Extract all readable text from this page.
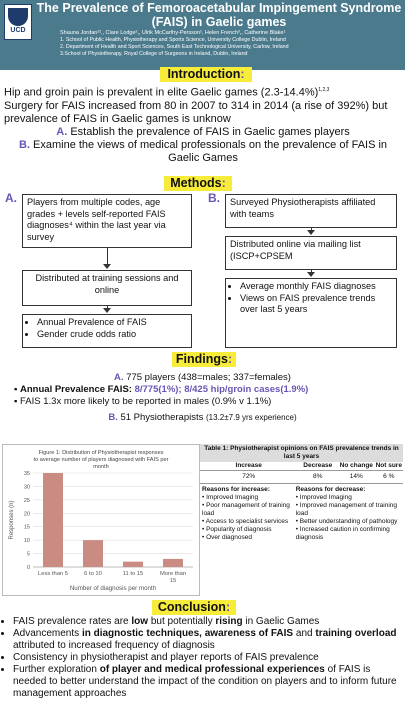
UCD
The Prevalence of Femoroacetabular Impingement Syndrome (FAIS) in Gaelic games
Shauna Jordan¹²,, Clare Lodge²,, Ulrik McCarthy-Persson¹, Helen French³,, Catherine Blake¹
1. School of Public Health, Physiotherapy and Sports Science, University College Dublin, Ireland
2. Department of Health and Sport Sciences, South East Technological University, Carlow, Ireland
3.School of Physiotherapy, Royal College of Surgeons in Ireland, Dublin, Ireland
Introduction:
Hip and groin pain is prevalent in elite Gaelic games $(2.3-14.4\%)^{1,2,3}$
Surgery for FAIS increased from 80 in 2007 to 314 in 2014 (a rise of 392%) but prevalence of FAIS in Gaelic games is unknow
A. Establish the prevalence of FAIS in Gaelic games players
B. Examine the views of medical professionals on the prevalence of FAIS in Gaelic Games
Methods:
A.	B.
Players from multiple codes, age grades + levels self-reported FAIS diagnoses⁴ within the last year via survey
Distributed at training sessions and online
• Annual Prevalence of FAIS
• Gender crude odds ratio
Surveyed Physiotherapists affiliated with teams
Distributed online via mailing list (ISCP+CPSEM
• Average monthly FAIS diagnoses
• Views on FAIS prevalence trends over last 5 years
Findings:
A. 775 players (438=males; 337=females)
▪ Annual Prevalence FAIS: 8/775(1%); 8/425 hip/groin cases(1.9%)
▪ FAIS 1.3x more likely to be reported in males (0.9% v 1.1%)
B. 51 Physiotherapists (13.2±7.9 yrs experience)
Figure 1: Distribution of Physiotherapist responses
to average number of players diagnosed with FAIS per
month
0
5
10
15
20
25
30
35
Responses (n)
Less than 5	6 to 10	11 to 15	More than
15
Number of diagnosis per month
Table 1: Physiotherapist opinions on FAIS prevalence trends in last 5 years
Increase	Decrease	No change Not sure
72%	8%	14%	6 %
Reasons for increase:
• Improved Imaging
• Poor management of training load
• Access to specialist services
• Popularity of diagnosis
• Over diagnosed
Reasons for decrease:
• Improved Imaging
• Improved management of training load
• Better understanding of pathology
• Increased caution in confirming diagnosis
Conclusion:
• FAIS prevalence rates are low but potentially rising in Gaelic Games
• Advancements in diagnostic techniques, awareness of FAIS and training overload attributed to increased frequency of diagnosis
• Consistency in physiotherapist and player reports of FAIS prevalence
• Further exploration of player and medical professional experiences of FAIS is needed to better understand the impact of the condition on players and to inform future management approaches
